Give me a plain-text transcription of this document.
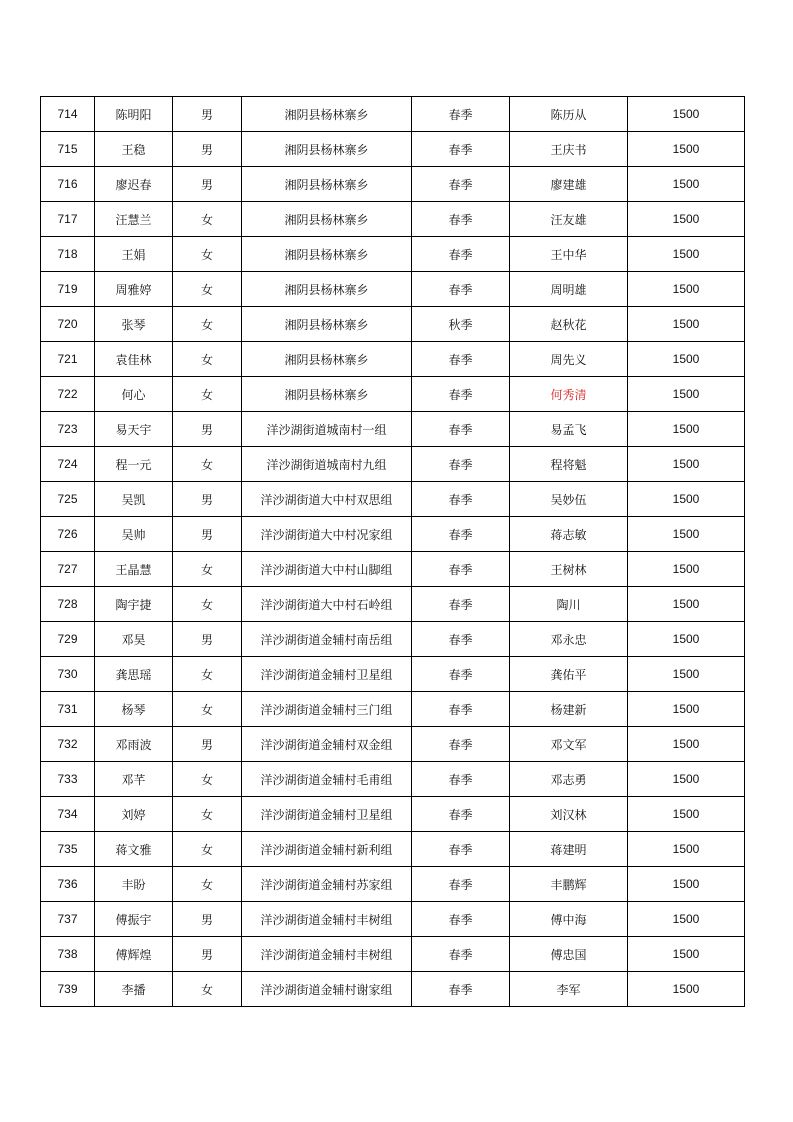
714	陈明阳	男	湘阴县杨林寨乡	春季	陈历从	1500
715	王稳	男	湘阴县杨林寨乡	春季	王庆书	1500
716	廖迟春	男	湘阴县杨林寨乡	春季	廖建雄	1500
717	汪慧兰	女	湘阴县杨林寨乡	春季	汪友雄	1500
718	王娟	女	湘阴县杨林寨乡	春季	王中华	1500
719	周雅婷	女	湘阴县杨林寨乡	春季	周明雄	1500
720	张琴	女	湘阴县杨林寨乡	秋季	赵秋花	1500
721	袁佳林	女	湘阴县杨林寨乡	春季	周先义	1500
722	何心	女	湘阴县杨林寨乡	春季	何秀清	1500
723	易天宇	男	洋沙湖街道城南村一组	春季	易孟飞	1500
724	程一元	女	洋沙湖街道城南村九组	春季	程将魁	1500
725	吴凯	男	洋沙湖街道大中村双思组	春季	吴妙伍	1500
726	吴帅	男	洋沙湖街道大中村况家组	春季	蒋志敏	1500
727	王晶慧	女	洋沙湖街道大中村山脚组	春季	王树林	1500
728	陶宇捷	女	洋沙湖街道大中村石岭组	春季	陶川	1500
729	邓昊	男	洋沙湖街道金辅村南岳组	春季	邓永忠	1500
730	龚思瑶	女	洋沙湖街道金辅村卫星组	春季	龚佑平	1500
731	杨琴	女	洋沙湖街道金辅村三门组	春季	杨建新	1500
732	邓雨波	男	洋沙湖街道金辅村双金组	春季	邓文军	1500
733	邓芊	女	洋沙湖街道金辅村毛甫组	春季	邓志勇	1500
734	刘婷	女	洋沙湖街道金辅村卫星组	春季	刘汉林	1500
735	蒋文雅	女	洋沙湖街道金辅村新利组	春季	蒋建明	1500
736	丰盼	女	洋沙湖街道金辅村苏家组	春季	丰鹏辉	1500
737	傅振宇	男	洋沙湖街道金辅村丰树组	春季	傅中海	1500
738	傅辉煌	男	洋沙湖街道金辅村丰树组	春季	傅忠国	1500
739	李播	女	洋沙湖街道金辅村谢家组	春季	李军	1500
